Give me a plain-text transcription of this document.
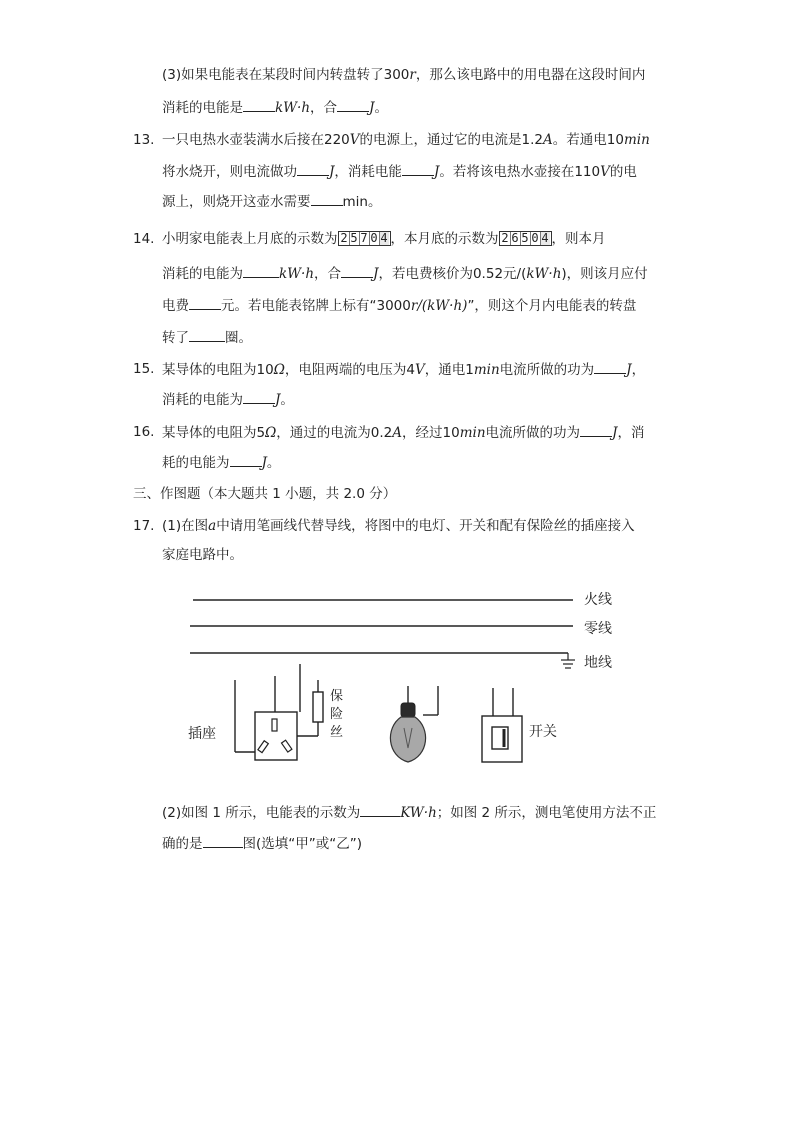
(3)如果电能表在某段时间内转盘转了300r，那么该电路中的用电器在这段时间内
消耗的电能是 kW·h，合 J。
13. 一只电热水壶装满水后接在220V的电源上，通过它的电流是1.2A。若通电10min
将水烧开，则电流做功 J，消耗电能 J。若将该电热水壶接在110V的电
源上，则烧开这壶水需要 min。
14. 小明家电能表上月底的示数为 2 5 7 0 4 ，本月底的示数为 2 6 5 0 4 ，则本月
消耗的电能为	kW·h，合 J，若电费核价为0.52元/(kW·h)，则该月应付
电费 元。若电能表铭牌上标有“3000r/(kW·h)”，则这个月内电能表的转盘
转了	圈。
15. 某导体的电阻为10Ω，电阻两端的电压为4V，通电1min电流所做的功为 J，
消耗的电能为 J。
16. 某导体的电阻为5Ω，通过的电流为0.2A，经过10min电流所做的功为 J，消
耗的电能为 J。
三、作图题（本大题共 1 小题，共 2.0 分）
17. (1)在图a中请用笔画线代替导线，将图中的电灯、开关和配有保险丝的插座接入
家庭电路中。
火线
零线
地线
插座
保 险 丝	开关
(2)如图 1 所示，电能表的示数为	KW·h；如图 2 所示，测电笔使用方法不正
确的是	图(选填“甲”或“乙”)
